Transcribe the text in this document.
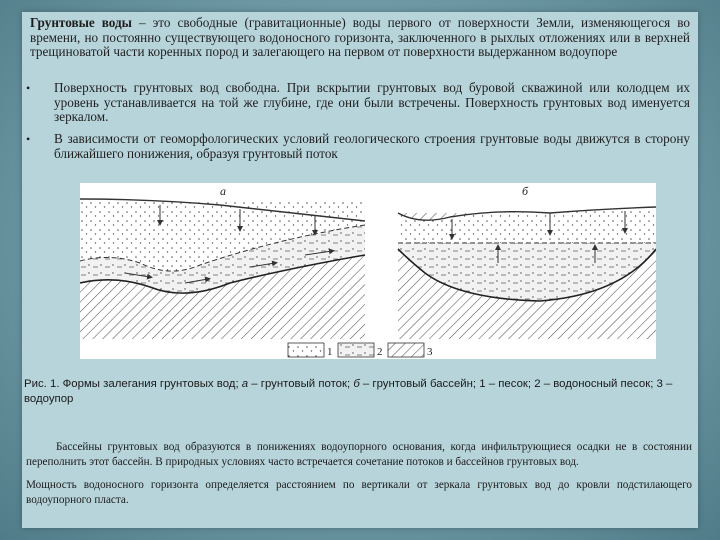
Грунтовые воды – это свободные (гравитационные) воды первого от поверхности Земли, изменяющегося во времени, но постоянно существующего водоносного горизонта, заключенного в рыхлых отложениях или в верхней трещиноватой части коренных пород и залегающего на первом от поверхности выдержанном водоупоре

• Поверхность грунтовых вод свободна. При вскрытии грунтовых вод буровой скважиной или колодцем их уровень устанавливается на той же глубине, где они были встречены. Поверхность грунтовых вод именуется зеркалом.

• В зависимости от геоморфологических условий геологического строения грунтовые воды движутся в сторону ближайшего понижения, образуя грунтовый поток

а	б
1	2	3

Рис. 1. Формы залегания грунтовых вод; а – грунтовый поток; б – грунтовый бассейн; 1 – песок; 2 – водоносный песок; 3 – водоупор

Бассейны грунтовых вод образуются в понижениях водоупорного основания, когда инфильтрующиеся осадки не в состоянии переполнить этот бассейн. В природных условиях часто встречается сочетание потоков и бассейнов грунтовых вод.

Мощность водоносного горизонта определяется расстоянием по вертикали от зеркала грунтовых вод до кровли подстилающего водоупорного пласта.
